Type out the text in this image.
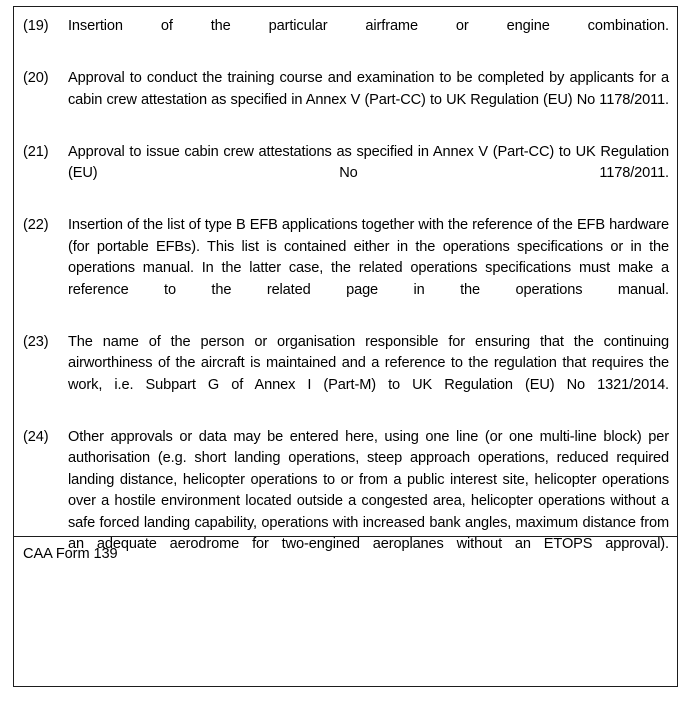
(19)	Insertion of the particular airframe or engine combination.
(20)	Approval to conduct the training course and examination to be completed by applicants for a cabin crew attestation as specified in Annex V (Part-CC) to UK Regulation (EU) No 1178/2011.
(21)	Approval to issue cabin crew attestations as specified in Annex V (Part-CC) to UK Regulation (EU) No 1178/2011.
(22)	Insertion of the list of type B EFB applications together with the reference of the EFB hardware (for portable EFBs). This list is contained either in the operations specifications or in the operations manual. In the latter case, the related operations specifications must make a reference to the related page in the operations manual.
(23)	The name of the person or organisation responsible for ensuring that the continuing airworthiness of the aircraft is maintained and a reference to the regulation that requires the work, i.e. Subpart G of Annex I (Part-M) to UK Regulation (EU) No 1321/2014.
(24)	Other approvals or data may be entered here, using one line (or one multi-line block) per authorisation (e.g. short landing operations, steep approach operations, reduced required landing distance, helicopter operations to or from a public interest site, helicopter operations over a hostile environment located outside a congested area, helicopter operations without a safe forced landing capability, operations with increased bank angles, maximum distance from an adequate aerodrome for two-engined aeroplanes without an ETOPS approval).
CAA Form 139
